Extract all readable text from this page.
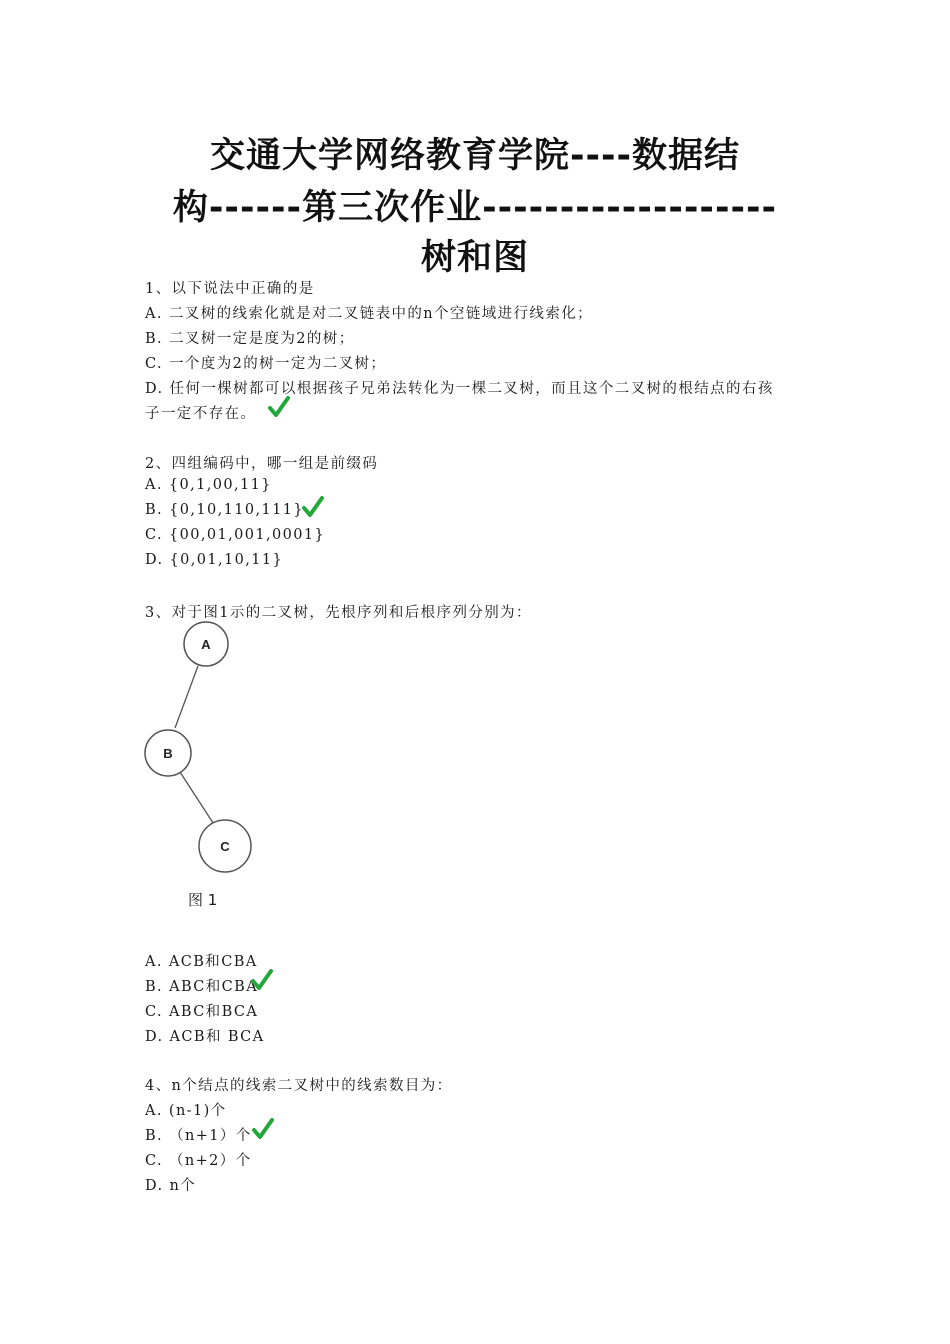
交通大学网络教育学院----数据结
构------第三次作业-------------------
树和图
1、以下说法中正确的是
A. 二叉树的线索化就是对二叉链表中的n个空链域进行线索化；
B. 二叉树一定是度为2的树；
C. 一个度为2的树一定为二叉树；
D. 任何一棵树都可以根据孩子兄弟法转化为一棵二叉树，而且这个二叉树的根结点的右孩
子一定不存在。
2、四组编码中，哪一组是前缀码
A. {0,1,00,11}
B. {0,10,110,111}
C. {00,01,001,0001}
D. {0,01,10,11}
3、对于图1示的二叉树，先根序列和后根序列分别为：
A
B
C
图 1
A. ACB和CBA
B. ABC和CBA
C. ABC和BCA
D. ACB和 BCA
4、n个结点的线索二叉树中的线索数目为：
A. (n-1)个
B. （n+1）个
C. （n+2）个
D. n个
